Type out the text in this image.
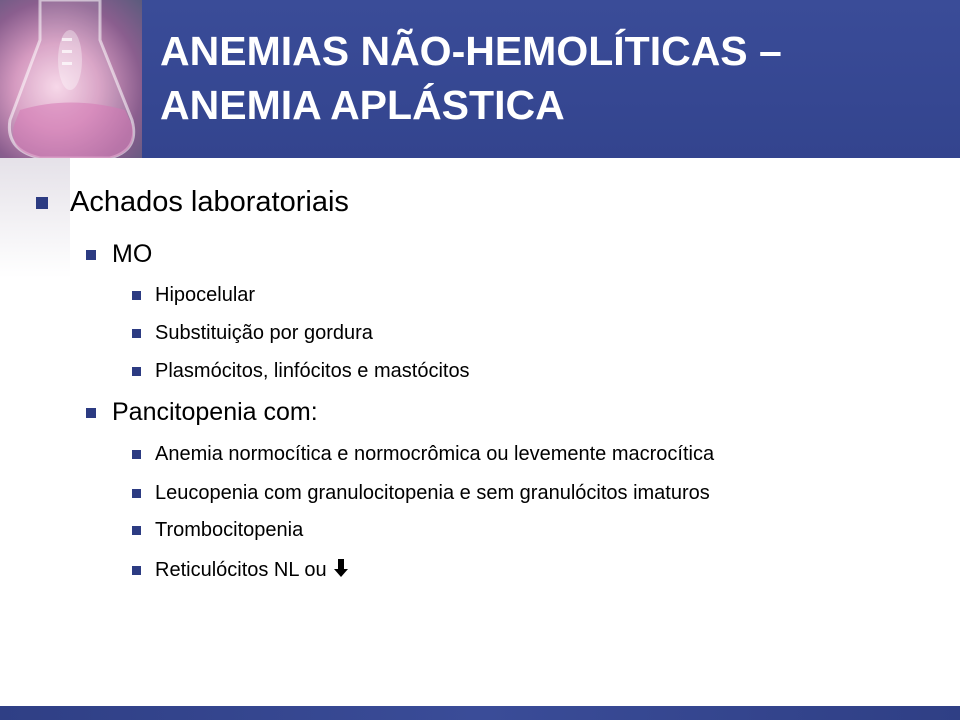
ANEMIAS NÃO-HEMOLÍTICAS –
ANEMIA APLÁSTICA
Achados laboratoriais
MO
Hipocelular
Substituição por gordura
Plasmócitos, linfócitos e mastócitos
Pancitopenia com:
Anemia normocítica e normocrômica ou levemente macrocítica
Leucopenia com granulocitopenia e sem granulócitos imaturos
Trombocitopenia
Reticulócitos NL ou
